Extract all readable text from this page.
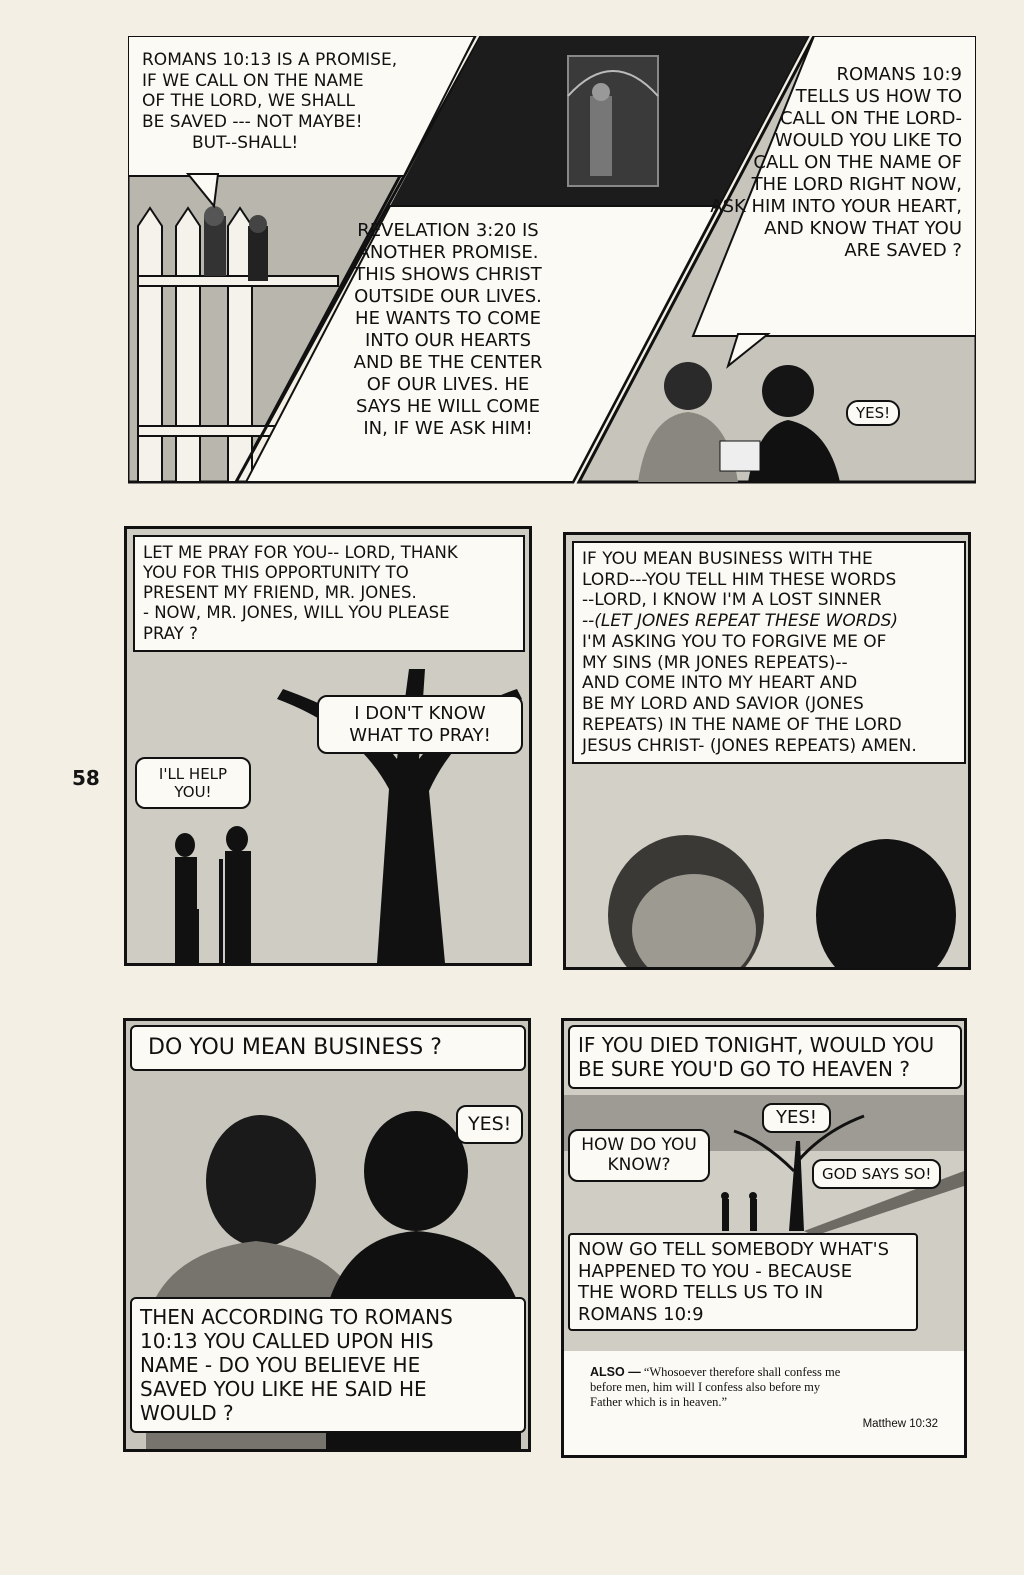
58
ROMANS 10:13 IS A PROMISE,
IF WE CALL ON THE NAME
OF THE LORD, WE SHALL
BE SAVED --- NOT MAYBE!
BUT--SHALL!
REVELATION 3:20 IS
ANOTHER PROMISE.
THIS SHOWS CHRIST
OUTSIDE OUR LIVES.
HE WANTS TO COME
INTO OUR HEARTS
AND BE THE CENTER
OF OUR LIVES. HE
SAYS HE WILL COME
IN, IF WE ASK HIM!
ROMANS 10:9
TELLS US HOW TO
CALL ON THE LORD-
WOULD YOU LIKE TO
CALL ON THE NAME OF
THE LORD RIGHT NOW,
ASK HIM INTO YOUR HEART,
AND KNOW THAT YOU
ARE SAVED ?
YES!
LET ME PRAY FOR YOU-- LORD, THANK
YOU FOR THIS OPPORTUNITY TO
PRESENT MY FRIEND, MR. JONES.
- NOW, MR. JONES, WILL YOU PLEASE
PRAY ?
I'LL HELP
YOU!
I DON'T KNOW
WHAT TO PRAY!
IF YOU MEAN BUSINESS WITH THE
LORD---YOU TELL HIM THESE WORDS
--LORD, I KNOW I'M A LOST SINNER
--(LET JONES REPEAT THESE WORDS)
I'M ASKING YOU TO FORGIVE ME OF
MY SINS (MR JONES REPEATS)--
AND COME INTO MY HEART AND
BE MY LORD AND SAVIOR (JONES
REPEATS) IN THE NAME OF THE LORD
JESUS CHRIST- (JONES REPEATS) AMEN.
DO YOU MEAN BUSINESS ?
YES!
THEN ACCORDING TO ROMANS
10:13 YOU CALLED UPON HIS
NAME - DO YOU BELIEVE HE
SAVED YOU LIKE HE SAID HE
WOULD ?
IF YOU DIED TONIGHT, WOULD YOU
BE SURE YOU'D GO TO HEAVEN ?
YES!
HOW DO YOU
KNOW?	GOD SAYS SO!
NOW GO TELL SOMEBODY WHAT'S
HAPPENED TO YOU - BECAUSE
THE WORD TELLS US TO IN
ROMANS 10:9
ALSO — “Whosoever therefore shall confess me
before men, him will I confess also before my
Father which is in heaven.”
Matthew 10:32
